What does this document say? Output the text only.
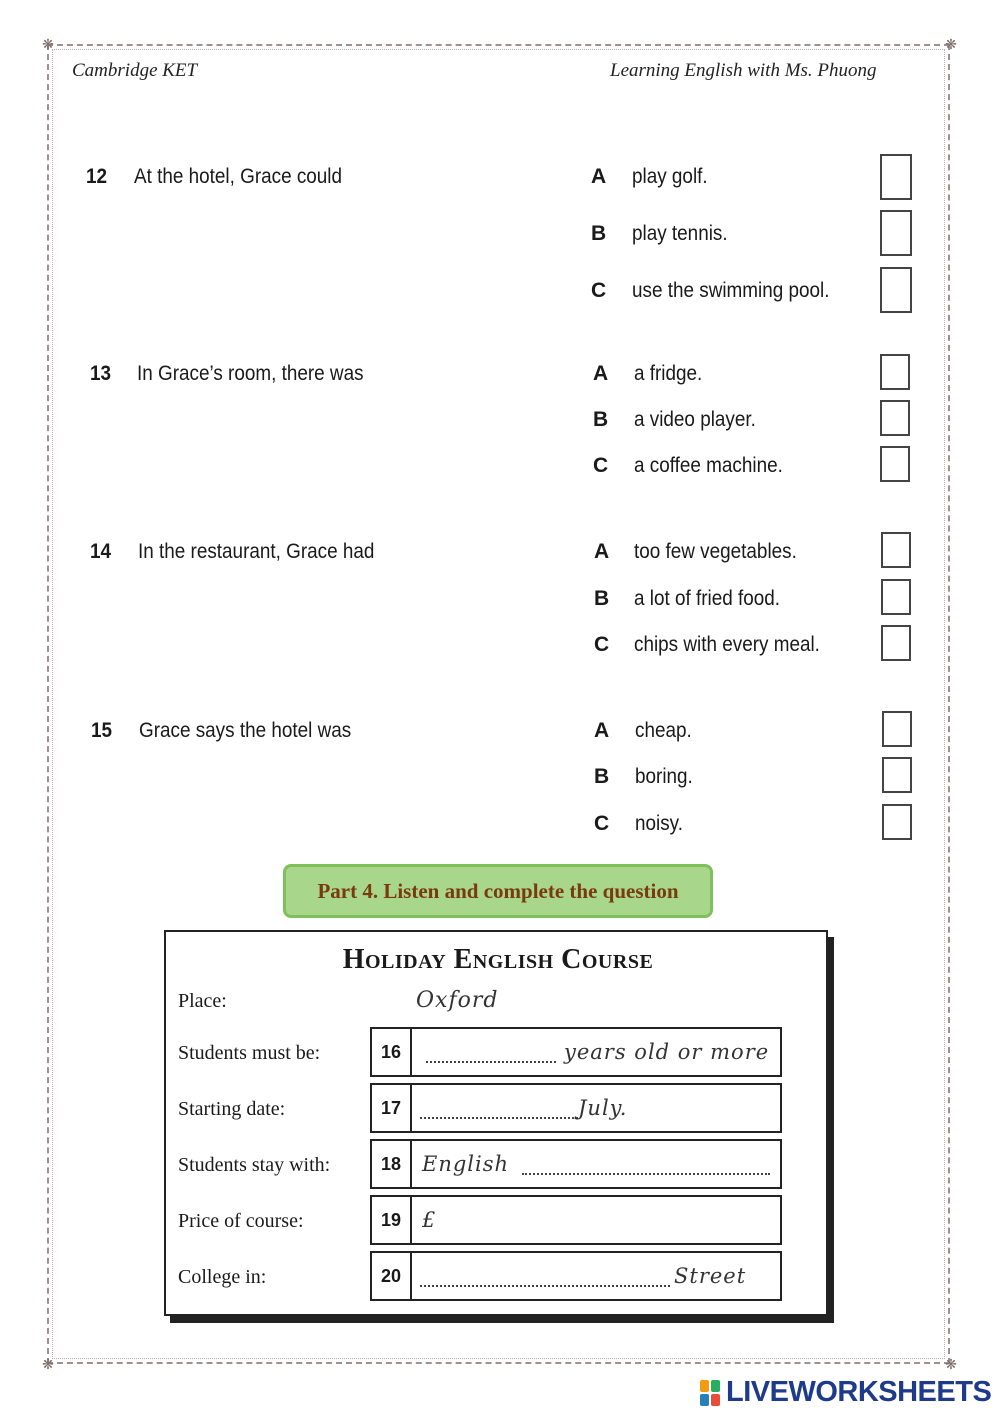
❋	❋
❋	❋
Cambridge KET	Learning English with Ms. Phuong
12 At the hotel, Grace could	A play golf.
B play tennis.
C use the swimming pool.
13 In Grace’s room, there was	A a fridge.
B a video player.
C a coffee machine.
14 In the restaurant, Grace had	A too few vegetables.
B a lot of fried food.
C chips with every meal.
15 Grace says the hotel was	A cheap.
B boring.
C noisy.
Part 4. Listen and complete the question
Holiday English Course
Place:	Oxford
Students must be:	16	years old or more
Starting date:	17	July.
Students stay with:	18 English
Price of course:	19 £
College in:	20	Street
LIVEWORKSHEETS
